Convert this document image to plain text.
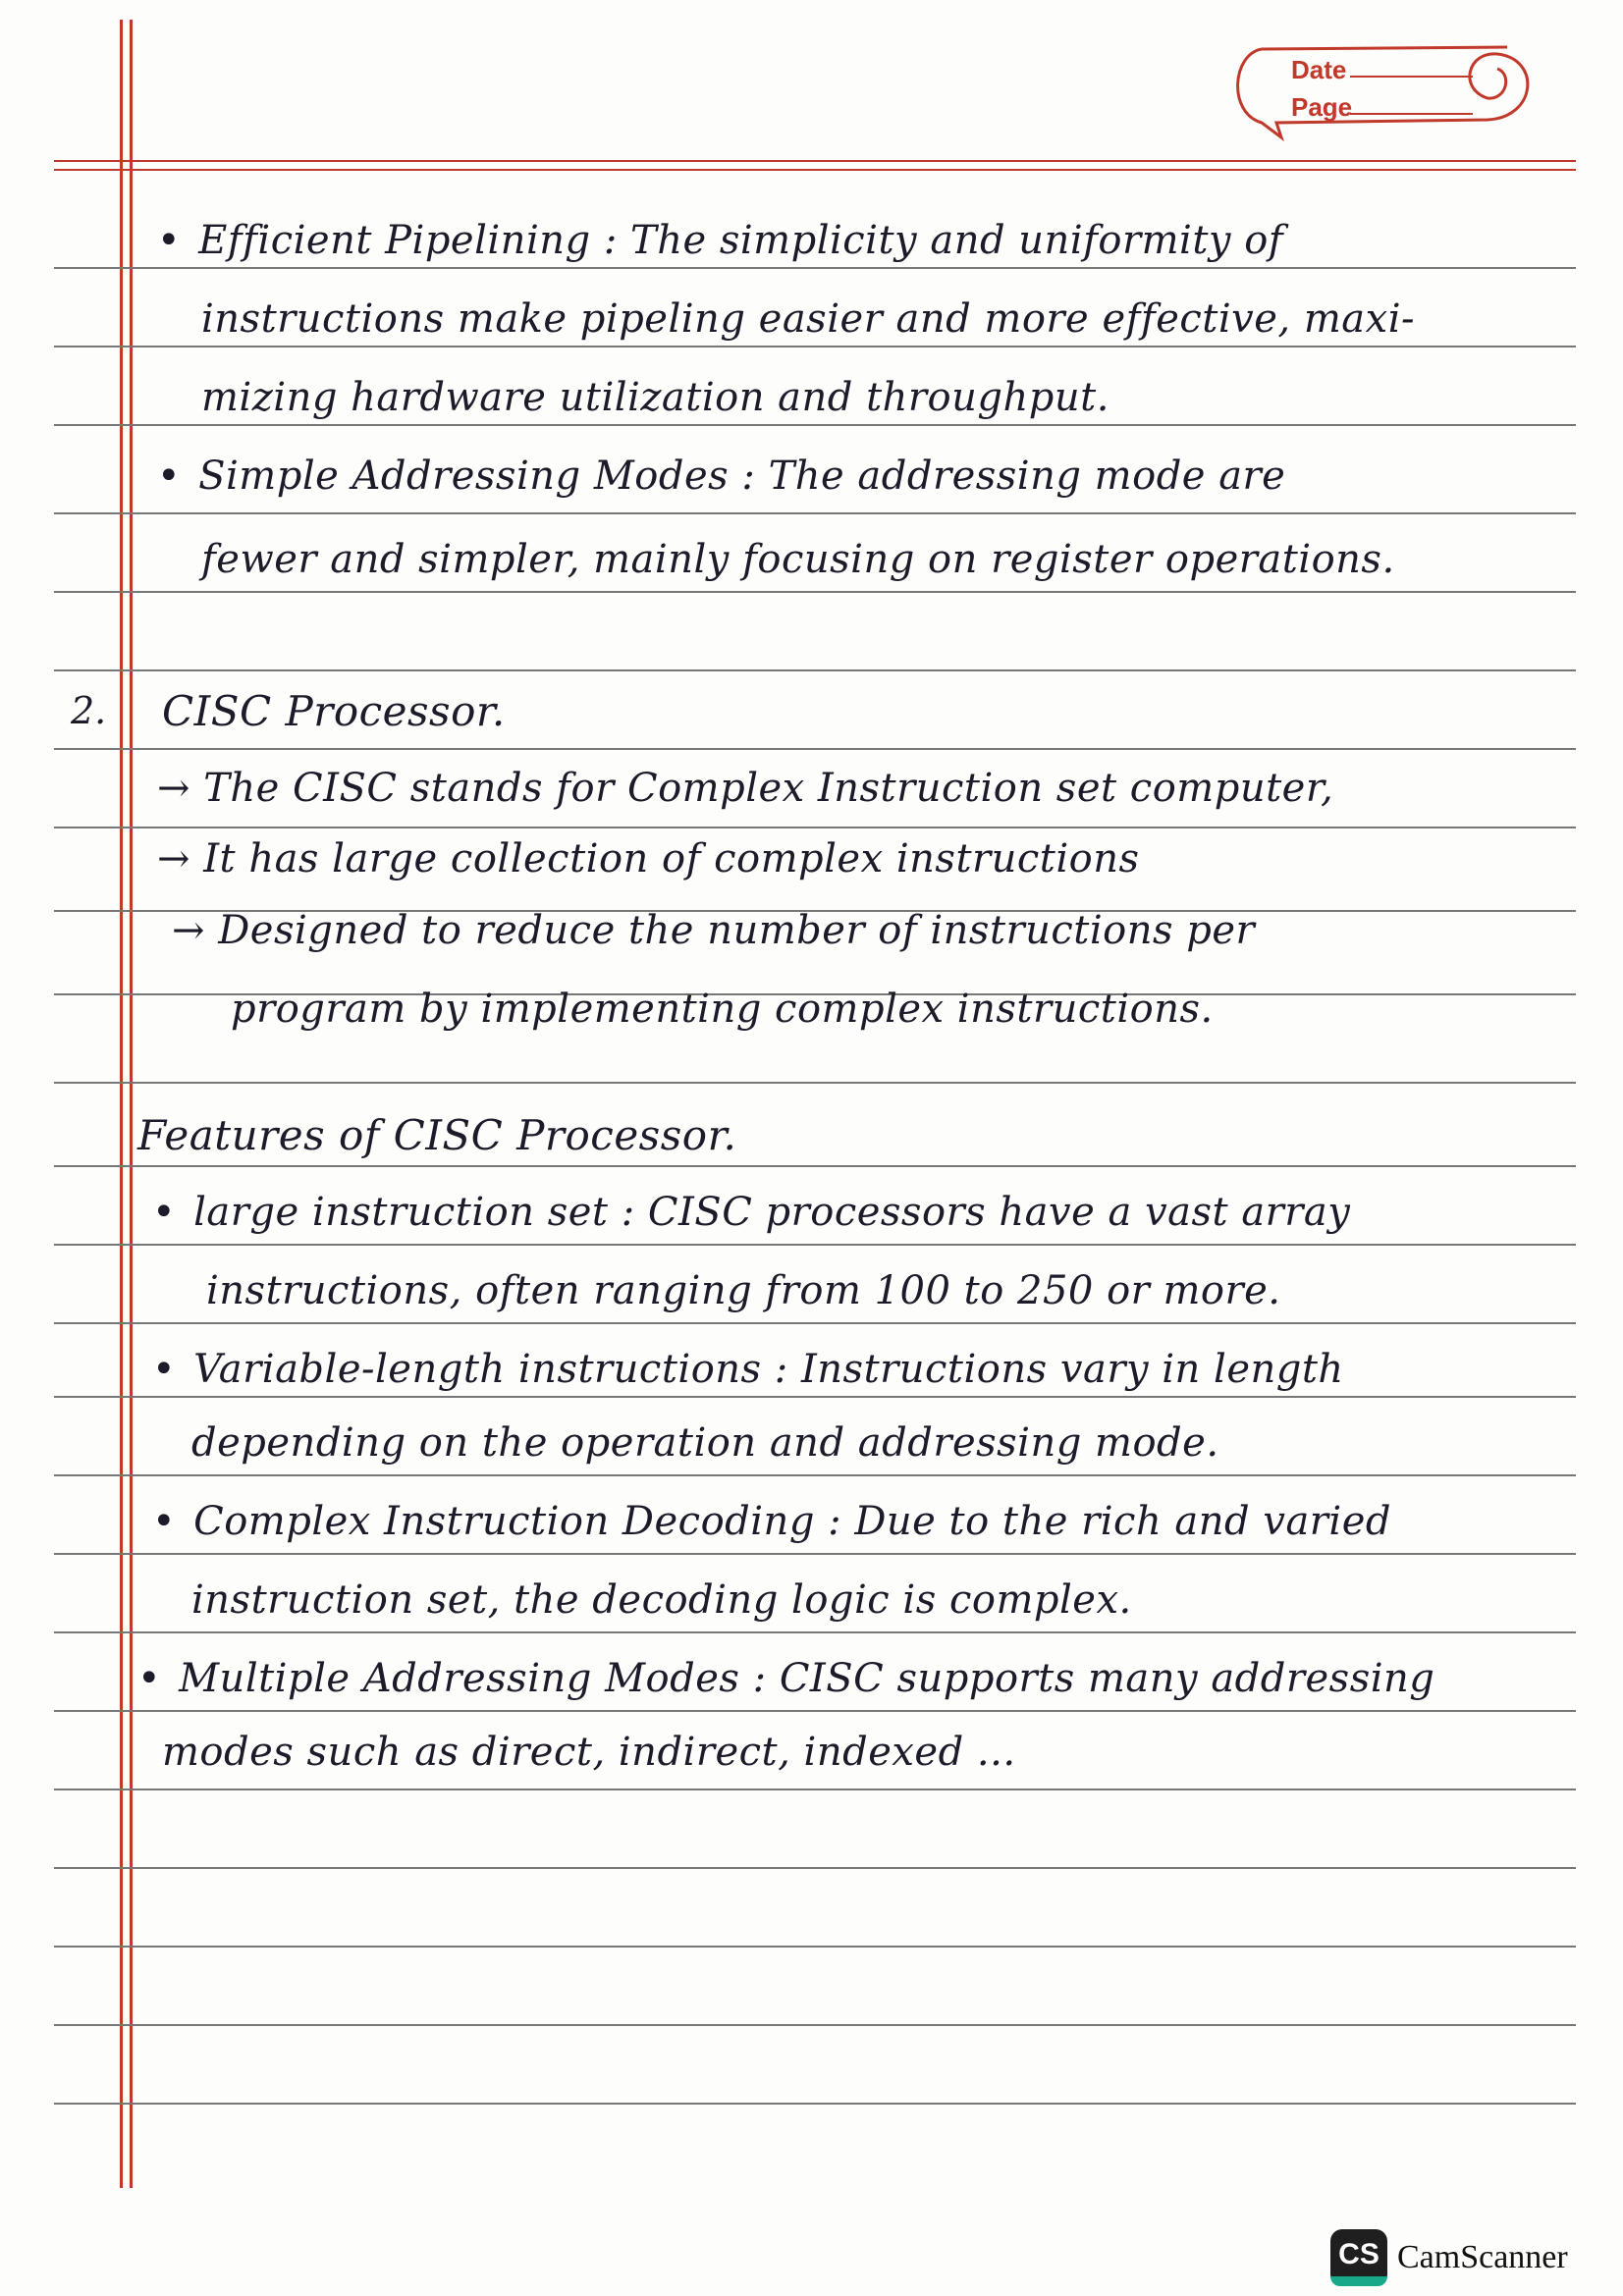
Date
Page
• Efficient Pipelining : The simplicity and uniformity of
instructions make pipeling easier and more effective, maxi-
mizing hardware utilization and throughput.
• Simple Addressing Modes : The addressing mode are
fewer and simpler, mainly focusing on register operations.
2. CISC Processor.
→ The CISC stands for Complex Instruction set computer,
→ It has large collection of complex instructions
→ Designed to reduce the number of instructions per
program by implementing complex instructions.
Features of CISC Processor.
• large instruction set : CISC processors have a vast array
instructions, often ranging from 100 to 250 or more.
• Variable-length instructions : Instructions vary in length
depending on the operation and addressing mode.
• Complex Instruction Decoding : Due to the rich and varied
instruction set, the decoding logic is complex.
• Multiple Addressing Modes : CISC supports many addressing
modes such as direct, indirect, indexed ...
CS CamScanner
